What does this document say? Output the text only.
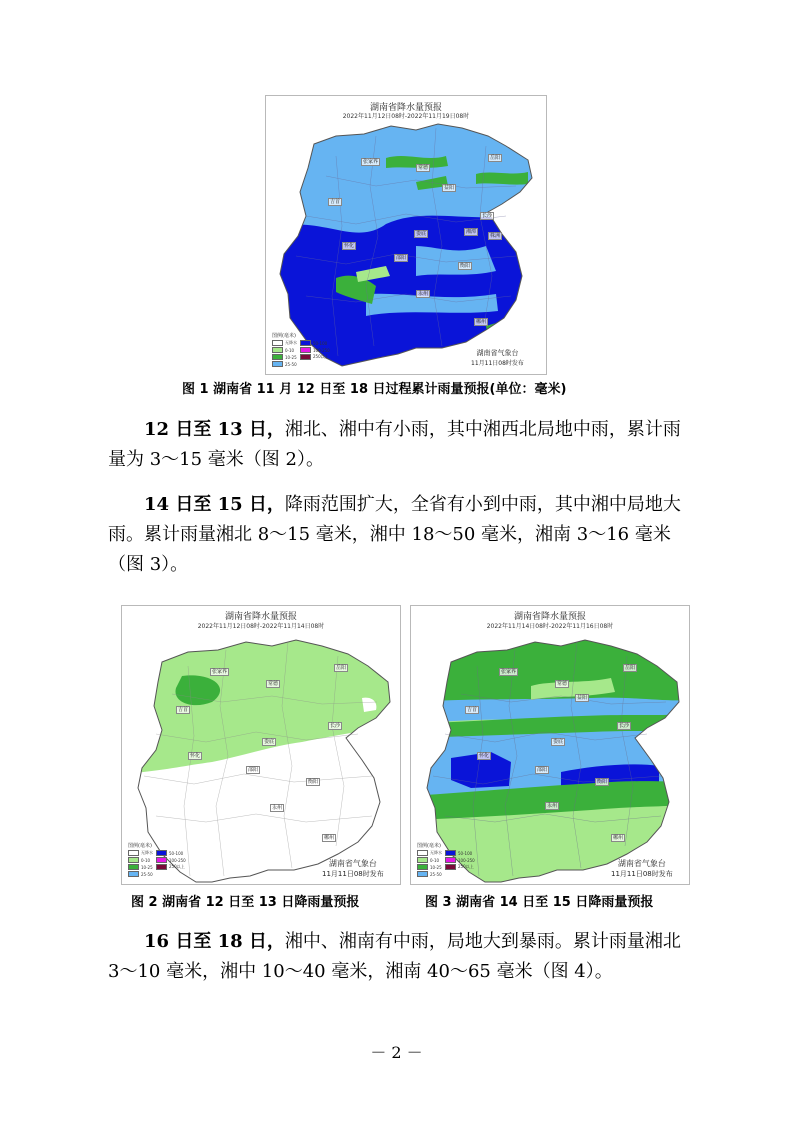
湖南省降水量预报
2022年11月12日08时-2022年11月19日08时
张家界
常德
岳阳
益阳
吉首
长沙
湘潭
株洲
怀化
娄底
邵阳
衡阳
永州
郴州
图例(毫米)
无降水	50-100
0-10	100-250
10-25	250以上
25-50
湖南省气象台
11月11日08时发布
图 1 湖南省 11 月 12 日至 18 日过程累计雨量预报(单位：毫米)
12 日至 13 日，湘北、湘中有小雨，其中湘西北局地中雨，累计雨量为 3～15 毫米（图 2）。
14 日至 15 日，降雨范围扩大，全省有小到中雨，其中湘中局地大雨。累计雨量湘北 8～15 毫米，湘中 18～50 毫米，湘南 3～16 毫米（图 3）。
湖南省降水量预报
2022年11月12日08时-2022年11月14日08时
张家界
常德
岳阳
吉首
长沙
怀化
娄底
邵阳
衡阳
永州
郴州
图例(毫米)
无降水	50-100
0-10	100-250
10-25	250以上
25-50
湖南省气象台
11月11日08时发布
图 2 湖南省 12 日至 13 日降雨量预报
湖南省降水量预报
2022年11月14日08时-2022年11月16日08时
张家界
常德
岳阳
益阳
吉首
长沙
怀化
娄底
邵阳
衡阳
永州
郴州
图例(毫米)
无降水	50-100
0-10	100-250
10-25	250以上
25-50
湖南省气象台
11月11日08时发布
图 3 湖南省 14 日至 15 日降雨量预报
16 日至 18 日，湘中、湘南有中雨，局地大到暴雨。累计雨量湘北 3～10 毫米，湘中 10～40 毫米，湘南 40～65 毫米（图 4）。
－ 2 －
